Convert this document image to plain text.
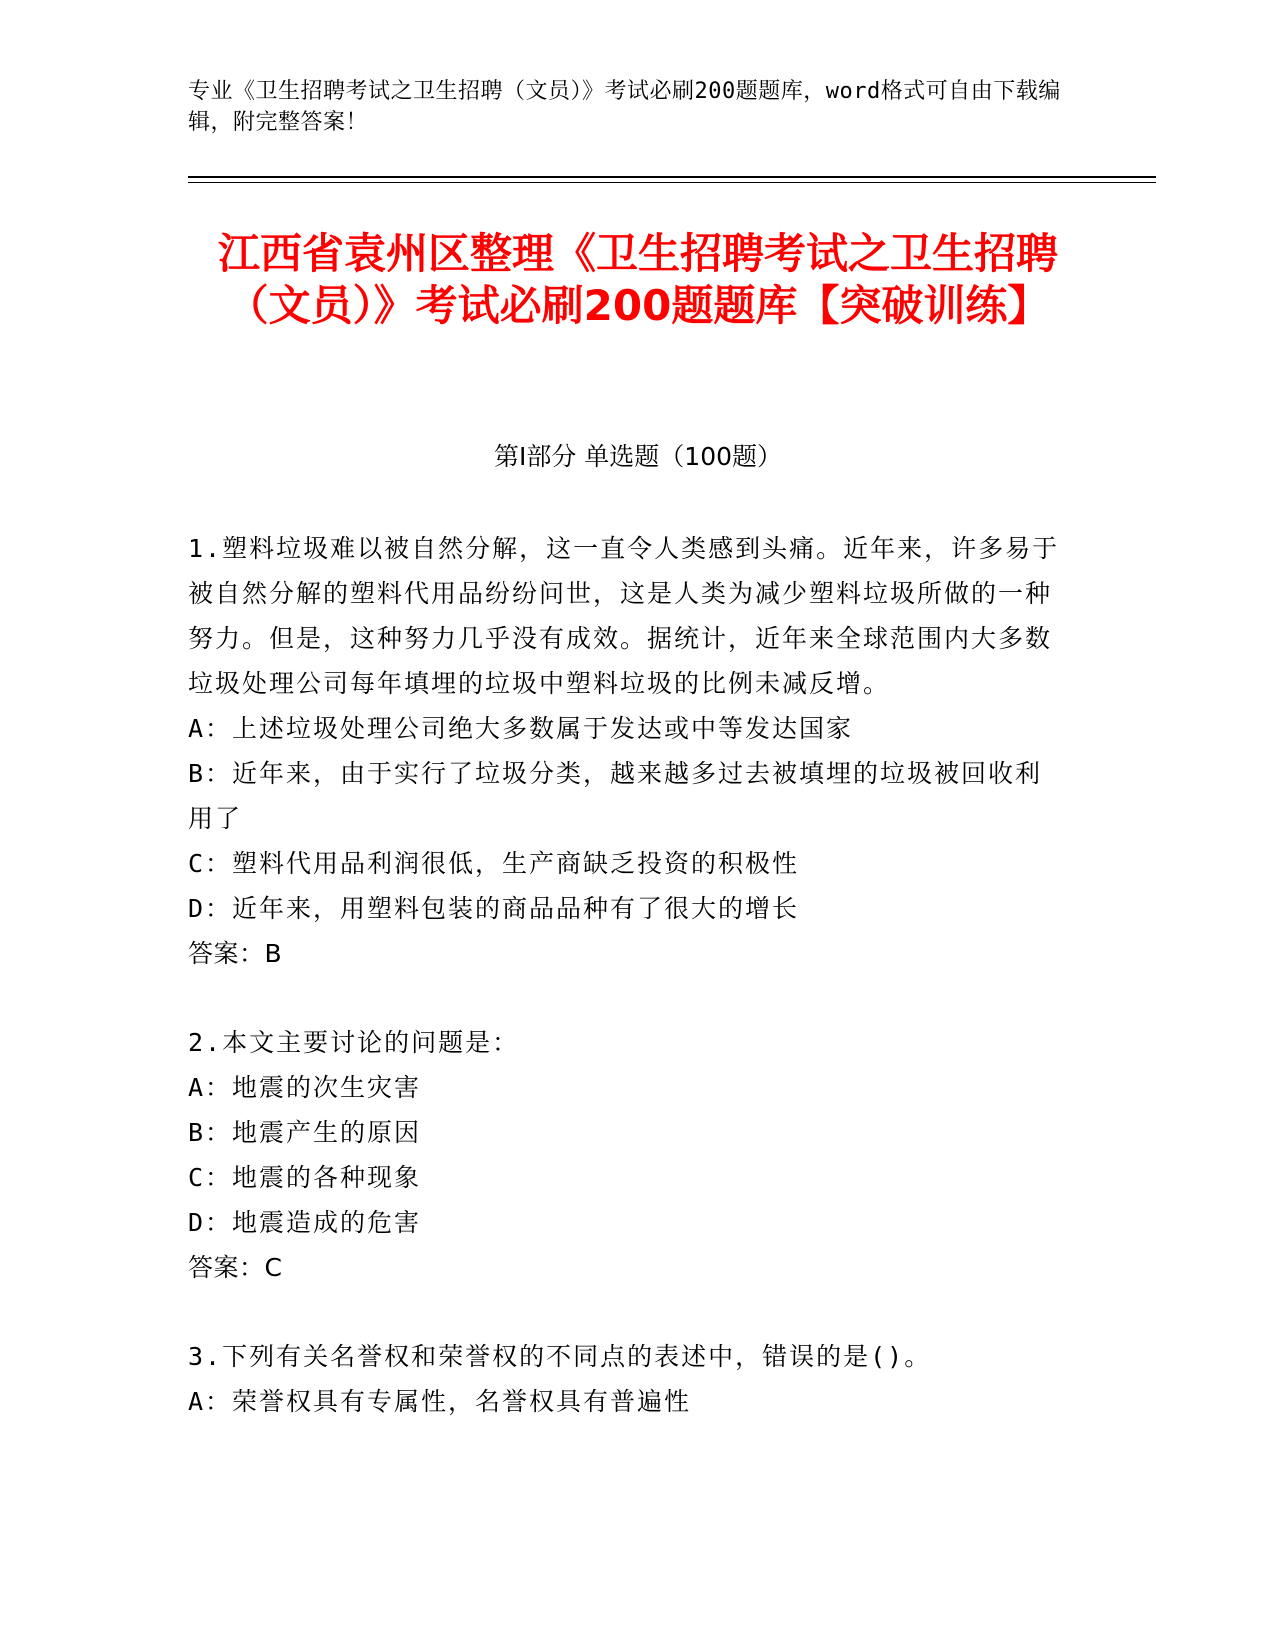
专业《卫生招聘考试之卫生招聘（文员）》考试必刷200题题库，word格式可自由下载编辑，附完整答案！
江西省袁州区整理《卫生招聘考试之卫生招聘（文员）》考试必刷200题题库【突破训练】
第Ⅰ部分 单选题（100题）
1.塑料垃圾难以被自然分解，这一直令人类感到头痛。近年来，许多易于被自然分解的塑料代用品纷纷问世，这是人类为减少塑料垃圾所做的一种努力。但是，这种努力几乎没有成效。据统计，近年来全球范围内大多数垃圾处理公司每年填埋的垃圾中塑料垃圾的比例未减反增。
A：上述垃圾处理公司绝大多数属于发达或中等发达国家
B：近年来，由于实行了垃圾分类，越来越多过去被填埋的垃圾被回收利用了
C：塑料代用品利润很低，生产商缺乏投资的积极性
D：近年来，用塑料包装的商品品种有了很大的增长
答案：B
2.本文主要讨论的问题是：
A：地震的次生灾害
B：地震产生的原因
C：地震的各种现象
D：地震造成的危害
答案：C
3.下列有关名誉权和荣誉权的不同点的表述中，错误的是()。
A：荣誉权具有专属性，名誉权具有普遍性
